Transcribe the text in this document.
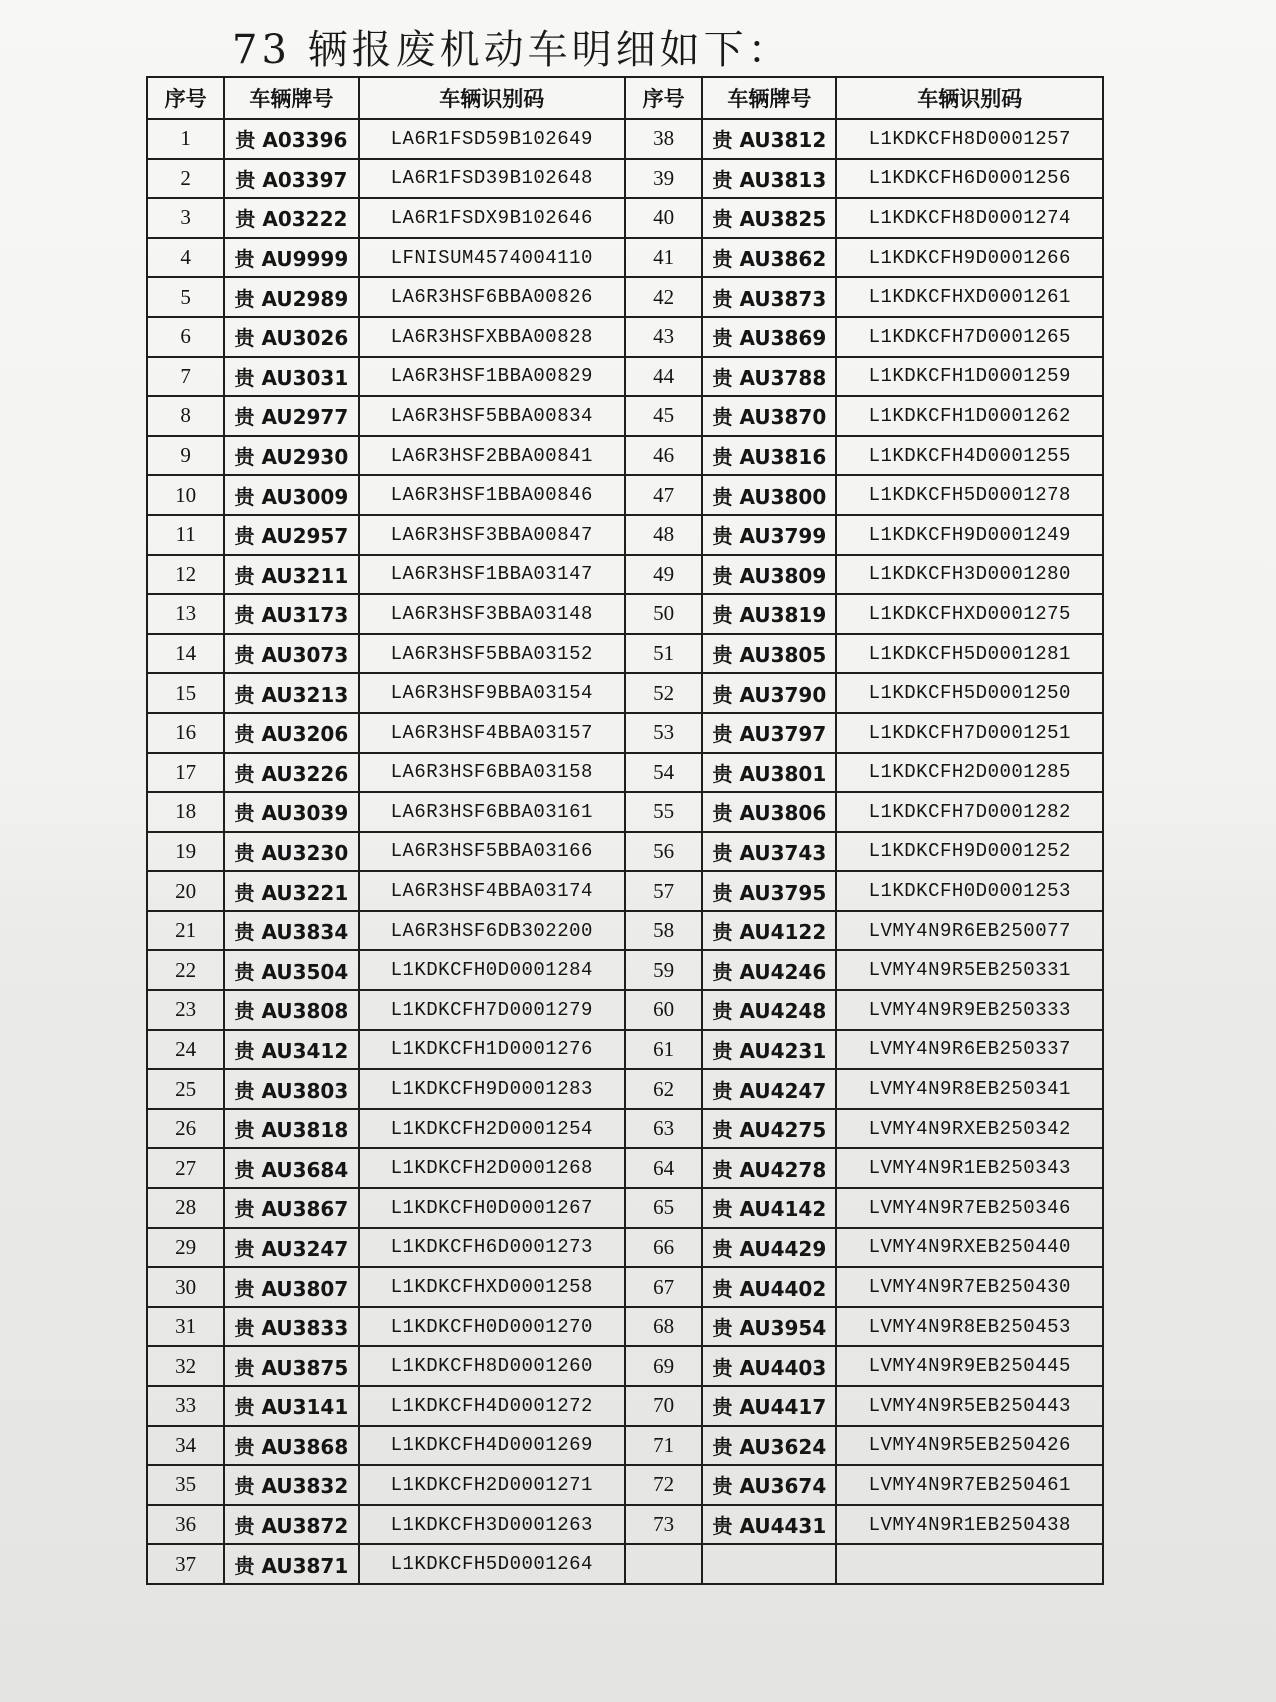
73 辆报废机动车明细如下：
序号	车辆牌号	车辆识别码	序号	车辆牌号	车辆识别码
1	贵 A03396	LA6R1FSD59B102649	38	贵 AU3812	L1KDKCFH8D0001257
2	贵 A03397	LA6R1FSD39B102648	39	贵 AU3813	L1KDKCFH6D0001256
3	贵 A03222	LA6R1FSDX9B102646	40	贵 AU3825	L1KDKCFH8D0001274
4	贵 AU9999	LFNISUM4574004110	41	贵 AU3862	L1KDKCFH9D0001266
5	贵 AU2989	LA6R3HSF6BBA00826	42	贵 AU3873	L1KDKCFHXD0001261
6	贵 AU3026	LA6R3HSFXBBA00828	43	贵 AU3869	L1KDKCFH7D0001265
7	贵 AU3031	LA6R3HSF1BBA00829	44	贵 AU3788	L1KDKCFH1D0001259
8	贵 AU2977	LA6R3HSF5BBA00834	45	贵 AU3870	L1KDKCFH1D0001262
9	贵 AU2930	LA6R3HSF2BBA00841	46	贵 AU3816	L1KDKCFH4D0001255
10	贵 AU3009	LA6R3HSF1BBA00846	47	贵 AU3800	L1KDKCFH5D0001278
11	贵 AU2957	LA6R3HSF3BBA00847	48	贵 AU3799	L1KDKCFH9D0001249
12	贵 AU3211	LA6R3HSF1BBA03147	49	贵 AU3809	L1KDKCFH3D0001280
13	贵 AU3173	LA6R3HSF3BBA03148	50	贵 AU3819	L1KDKCFHXD0001275
14	贵 AU3073	LA6R3HSF5BBA03152	51	贵 AU3805	L1KDKCFH5D0001281
15	贵 AU3213	LA6R3HSF9BBA03154	52	贵 AU3790	L1KDKCFH5D0001250
16	贵 AU3206	LA6R3HSF4BBA03157	53	贵 AU3797	L1KDKCFH7D0001251
17	贵 AU3226	LA6R3HSF6BBA03158	54	贵 AU3801	L1KDKCFH2D0001285
18	贵 AU3039	LA6R3HSF6BBA03161	55	贵 AU3806	L1KDKCFH7D0001282
19	贵 AU3230	LA6R3HSF5BBA03166	56	贵 AU3743	L1KDKCFH9D0001252
20	贵 AU3221	LA6R3HSF4BBA03174	57	贵 AU3795	L1KDKCFH0D0001253
21	贵 AU3834	LA6R3HSF6DB302200	58	贵 AU4122	LVMY4N9R6EB250077
22	贵 AU3504	L1KDKCFH0D0001284	59	贵 AU4246	LVMY4N9R5EB250331
23	贵 AU3808	L1KDKCFH7D0001279	60	贵 AU4248	LVMY4N9R9EB250333
24	贵 AU3412	L1KDKCFH1D0001276	61	贵 AU4231	LVMY4N9R6EB250337
25	贵 AU3803	L1KDKCFH9D0001283	62	贵 AU4247	LVMY4N9R8EB250341
26	贵 AU3818	L1KDKCFH2D0001254	63	贵 AU4275	LVMY4N9RXEB250342
27	贵 AU3684	L1KDKCFH2D0001268	64	贵 AU4278	LVMY4N9R1EB250343
28	贵 AU3867	L1KDKCFH0D0001267	65	贵 AU4142	LVMY4N9R7EB250346
29	贵 AU3247	L1KDKCFH6D0001273	66	贵 AU4429	LVMY4N9RXEB250440
30	贵 AU3807	L1KDKCFHXD0001258	67	贵 AU4402	LVMY4N9R7EB250430
31	贵 AU3833	L1KDKCFH0D0001270	68	贵 AU3954	LVMY4N9R8EB250453
32	贵 AU3875	L1KDKCFH8D0001260	69	贵 AU4403	LVMY4N9R9EB250445
33	贵 AU3141	L1KDKCFH4D0001272	70	贵 AU4417	LVMY4N9R5EB250443
34	贵 AU3868	L1KDKCFH4D0001269	71	贵 AU3624	LVMY4N9R5EB250426
35	贵 AU3832	L1KDKCFH2D0001271	72	贵 AU3674	LVMY4N9R7EB250461
36	贵 AU3872	L1KDKCFH3D0001263	73	贵 AU4431	LVMY4N9R1EB250438
37	贵 AU3871	L1KDKCFH5D0001264			
